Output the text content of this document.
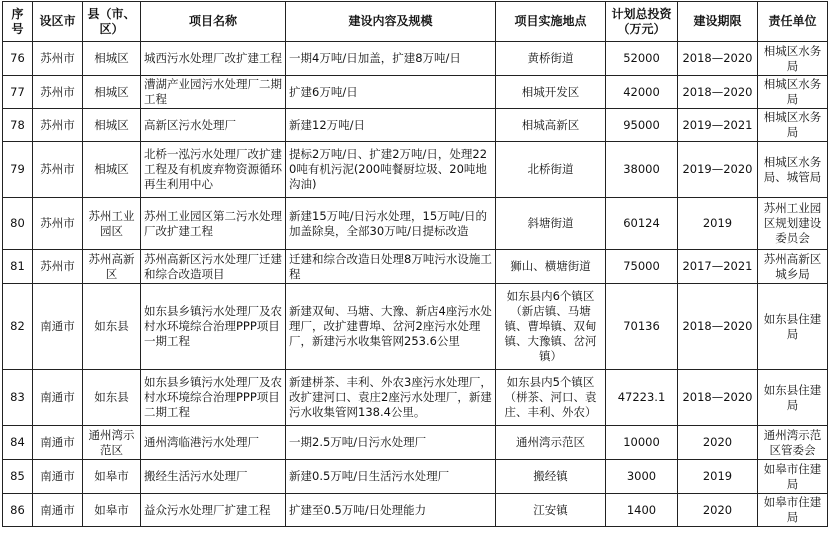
序号	设区市	县（市、区）	项目名称	建设内容及规模	项目实施地点	计划总投资（万元）	建设期限	责任单位
76	苏州市	相城区	城西污水处理厂改扩建工程	一期4万吨/日加盖，扩建8万吨/日	黄桥街道	52000	2018—2020	相城区水务局
77	苏州市	相城区	漕湖产业园污水处理厂二期工程	扩建6万吨/日	相城开发区	42000	2018—2020	相城区水务局
78	苏州市	相城区	高新区污水处理厂	新建12万吨/日	相城高新区	95000	2019—2021	相城区水务局
79	苏州市	相城区	北桥一泓污水处理厂改扩建工程及有机废弃物资源循环再生利用中心	提标2万吨/日、扩建2万吨/日，处理220吨有机污泥(200吨餐厨垃圾、20吨地沟油)	北桥街道	38000	2019—2020	相城区水务局、城管局
80	苏州市	苏州工业园区	苏州工业园区第二污水处理厂改扩建工程	新建15万吨/日污水处理，15万吨/日的加盖除臭，全部30万吨/日提标改造	斜塘街道	60124	2019	苏州工业园区规划建设委员会
81	苏州市	苏州高新区	苏州高新区污水处理厂迁建和综合改造项目	迁建和综合改造日处理8万吨污水设施工程	狮山、横塘街道	75000	2017—2021	苏州高新区城乡局
82	南通市	如东县	如东县乡镇污水处理厂及农村水环境综合治理PPP项目一期工程	新建双甸、马塘、大豫、新店4座污水处理厂，改扩建曹埠、岔河2座污水处理厂，新建污水收集管网253.6公里	如东县内6个镇区（新店镇、马塘镇、曹埠镇、双甸镇、大豫镇、岔河镇）	70136	2018—2020	如东县住建局
83	南通市	如东县	如东县乡镇污水处理厂及农村水环境综合治理PPP项目二期工程	新建栟茶、丰利、外农3座污水处理厂，改扩建河口、袁庄2座污水处理厂，新建污水收集管网138.4公里。	如东县内5个镇区（栟茶、河口、袁庄、丰利、外农）	47223.1	2018—2020	如东县住建局
84	南通市	通州湾示范区	通州湾临港污水处理厂	一期2.5万吨/日污水处理厂	通州湾示范区	10000	2020	通州湾示范区管委会
85	南通市	如皋市	搬经生活污水处理厂	新建0.5万吨/日生活污水处理厂	搬经镇	3000	2019	如皋市住建局
86	南通市	如皋市	益众污水处理厂扩建工程	扩建至0.5万吨/日处理能力	江安镇	1400	2020	如皋市住建局
